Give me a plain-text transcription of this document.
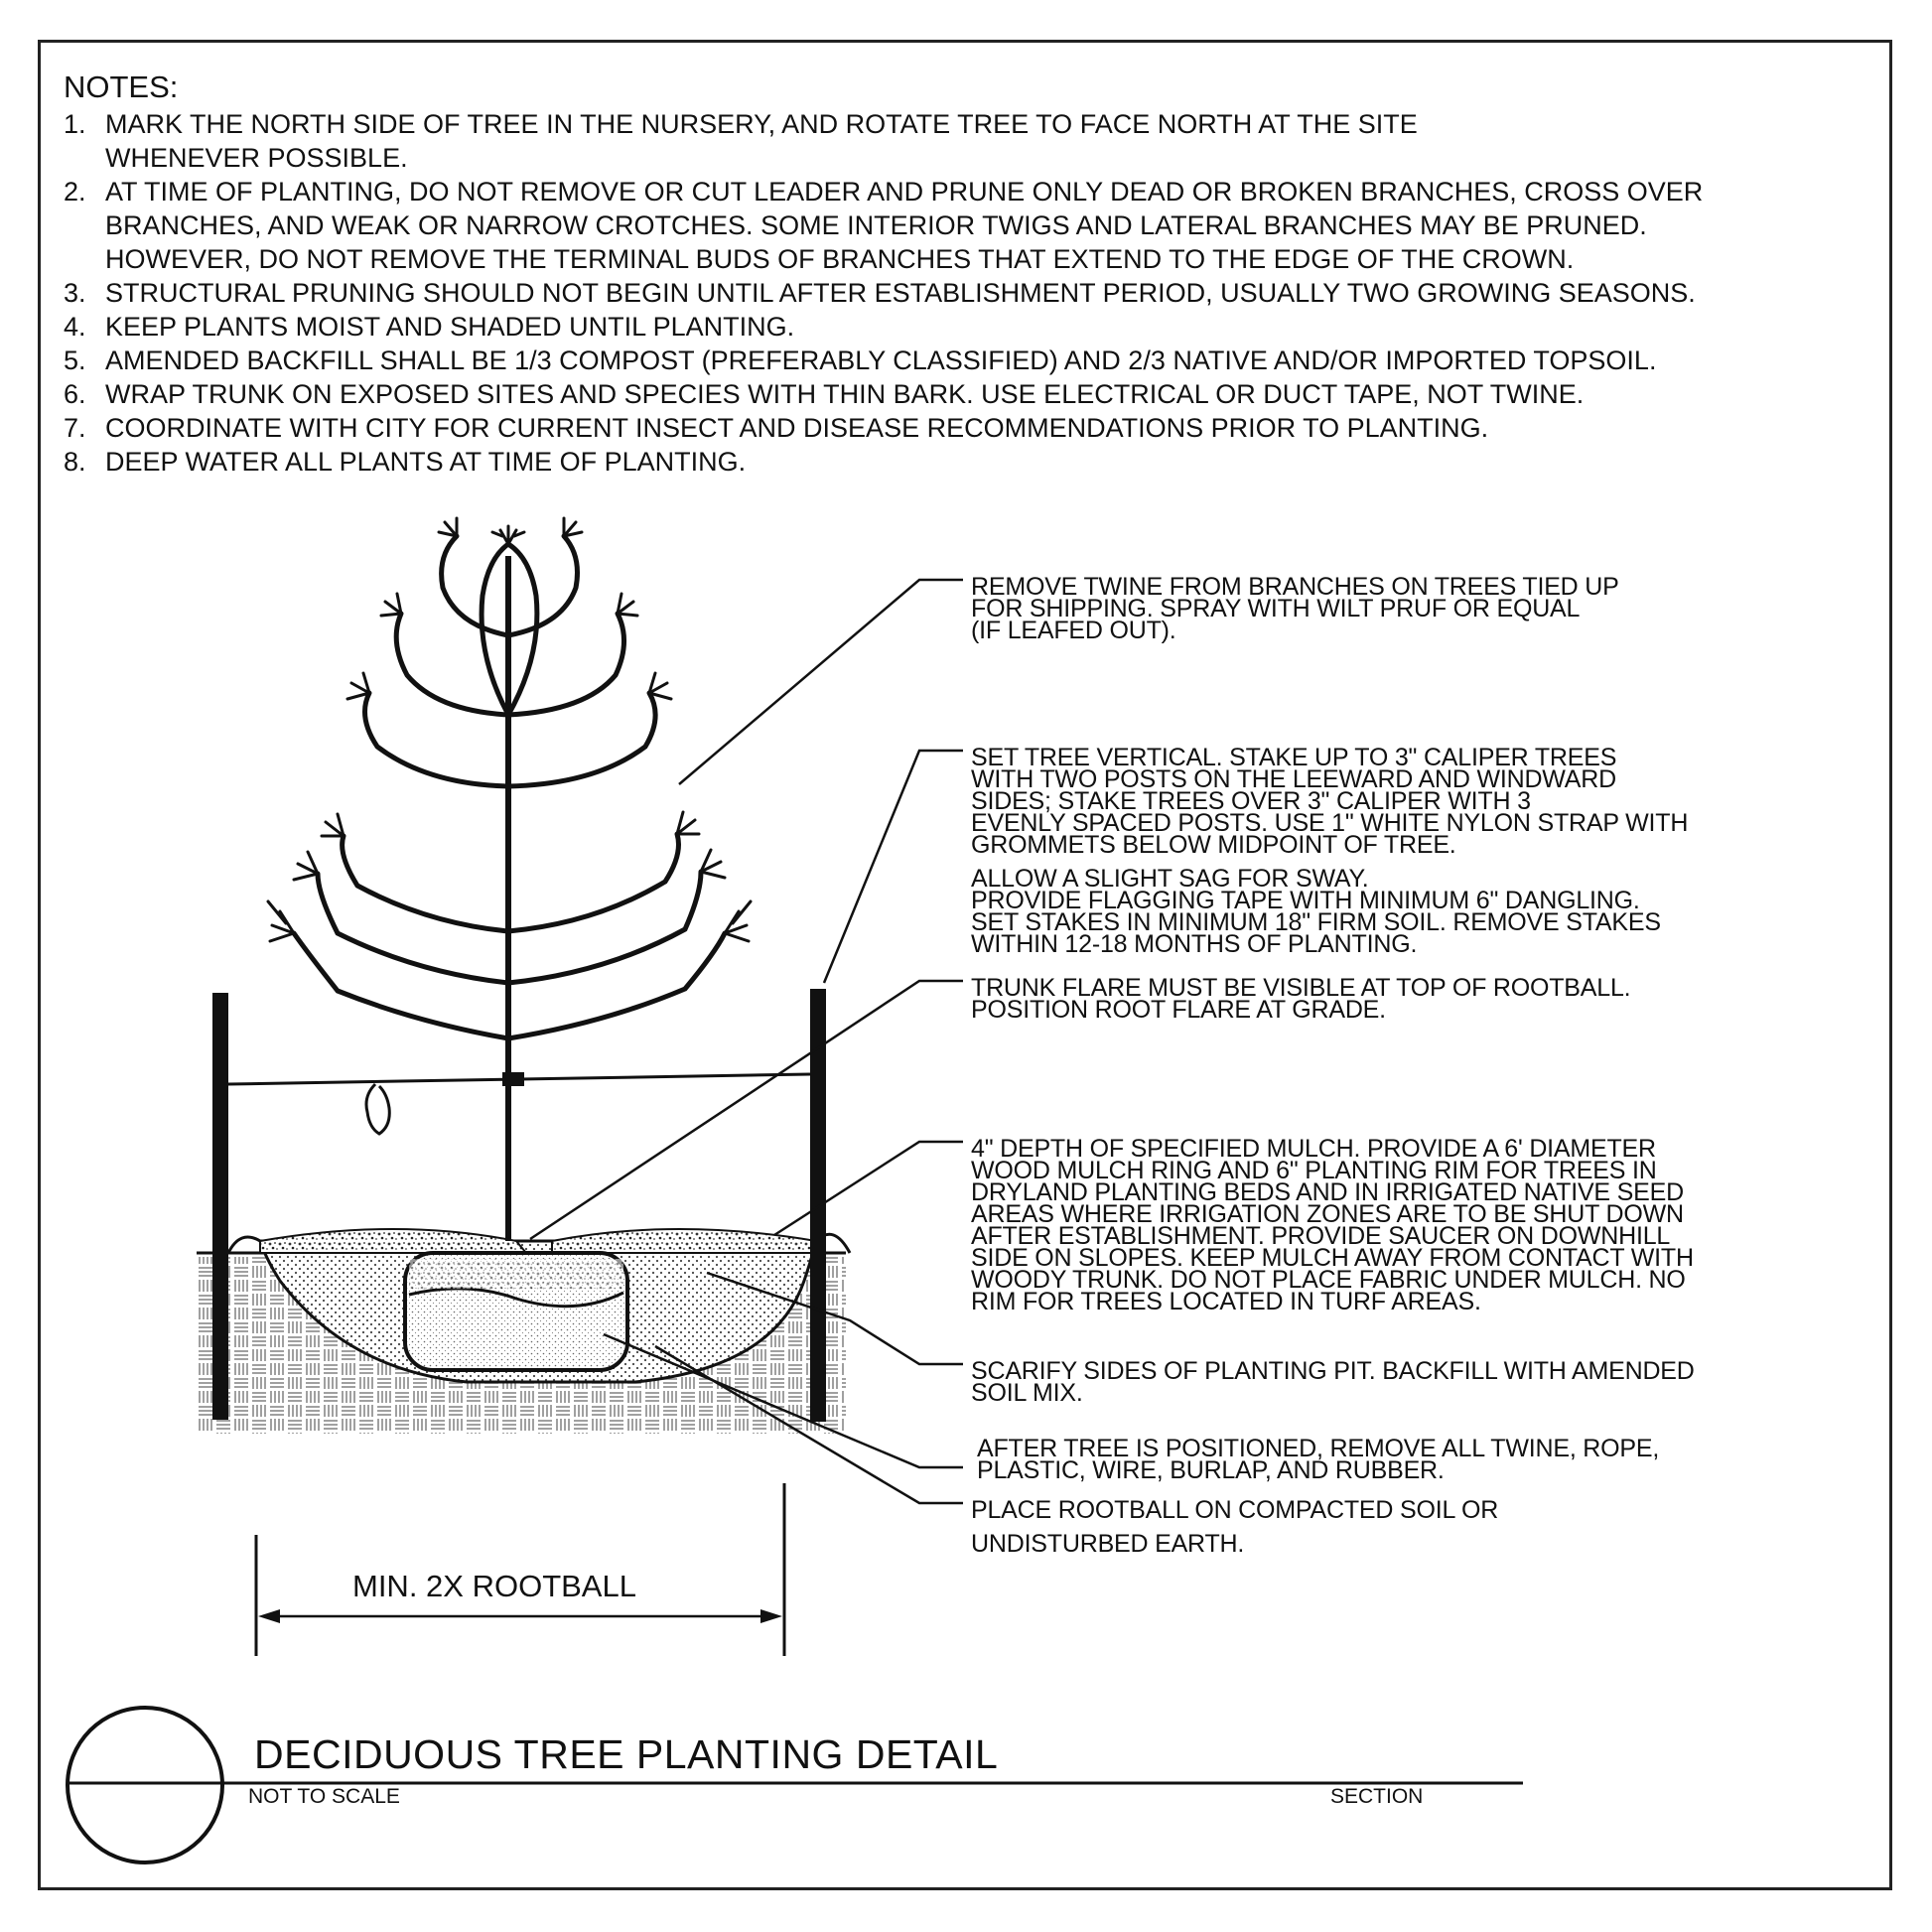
NOTES:
1. MARK THE NORTH SIDE OF TREE IN THE NURSERY, AND ROTATE TREE TO FACE NORTH AT THE SITE
WHENEVER POSSIBLE.
2. AT TIME OF PLANTING, DO NOT REMOVE OR CUT LEADER AND PRUNE ONLY DEAD OR BROKEN BRANCHES, CROSS OVER
BRANCHES, AND WEAK OR NARROW CROTCHES. SOME INTERIOR TWIGS AND LATERAL BRANCHES MAY BE PRUNED.
HOWEVER, DO NOT REMOVE THE TERMINAL BUDS OF BRANCHES THAT EXTEND TO THE EDGE OF THE CROWN.
3. STRUCTURAL PRUNING SHOULD NOT BEGIN UNTIL AFTER ESTABLISHMENT PERIOD, USUALLY TWO GROWING SEASONS.
4. KEEP PLANTS MOIST AND SHADED UNTIL PLANTING.
5. AMENDED BACKFILL SHALL BE 1/3 COMPOST (PREFERABLY CLASSIFIED) AND 2/3 NATIVE AND/OR IMPORTED TOPSOIL.
6. WRAP TRUNK ON EXPOSED SITES AND SPECIES WITH THIN BARK. USE ELECTRICAL OR DUCT TAPE, NOT TWINE.
7. COORDINATE WITH CITY FOR CURRENT INSECT AND DISEASE RECOMMENDATIONS PRIOR TO PLANTING.
8. DEEP WATER ALL PLANTS AT TIME OF PLANTING.
REMOVE TWINE FROM BRANCHES ON TREES TIED UP
FOR SHIPPING. SPRAY WITH WILT PRUF OR EQUAL
(IF LEAFED OUT).
SET TREE VERTICAL. STAKE UP TO 3" CALIPER TREES
WITH TWO POSTS ON THE LEEWARD AND WINDWARD
SIDES; STAKE TREES OVER 3" CALIPER WITH 3
EVENLY SPACED POSTS. USE 1" WHITE NYLON STRAP WITH
GROMMETS BELOW MIDPOINT OF TREE.
ALLOW A SLIGHT SAG FOR SWAY.
PROVIDE FLAGGING TAPE WITH MINIMUM 6" DANGLING.
SET STAKES IN MINIMUM 18" FIRM SOIL. REMOVE STAKES
WITHIN 12-18 MONTHS OF PLANTING.
TRUNK FLARE MUST BE VISIBLE AT TOP OF ROOTBALL.
POSITION ROOT FLARE AT GRADE.
4" DEPTH OF SPECIFIED MULCH. PROVIDE A 6' DIAMETER
WOOD MULCH RING AND 6" PLANTING RIM FOR TREES IN
DRYLAND PLANTING BEDS AND IN IRRIGATED NATIVE SEED
AREAS WHERE IRRIGATION ZONES ARE TO BE SHUT DOWN
AFTER ESTABLISHMENT. PROVIDE SAUCER ON DOWNHILL
SIDE ON SLOPES. KEEP MULCH AWAY FROM CONTACT WITH
WOODY TRUNK. DO NOT PLACE FABRIC UNDER MULCH. NO
RIM FOR TREES LOCATED IN TURF AREAS.
SCARIFY SIDES OF PLANTING PIT. BACKFILL WITH AMENDED
SOIL MIX.
AFTER TREE IS POSITIONED, REMOVE ALL TWINE, ROPE,
PLASTIC, WIRE, BURLAP, AND RUBBER.
PLACE ROOTBALL ON COMPACTED SOIL OR
UNDISTURBED EARTH.
MIN. 2X ROOTBALL
DECIDUOUS TREE PLANTING DETAIL
NOT TO SCALE	SECTION
